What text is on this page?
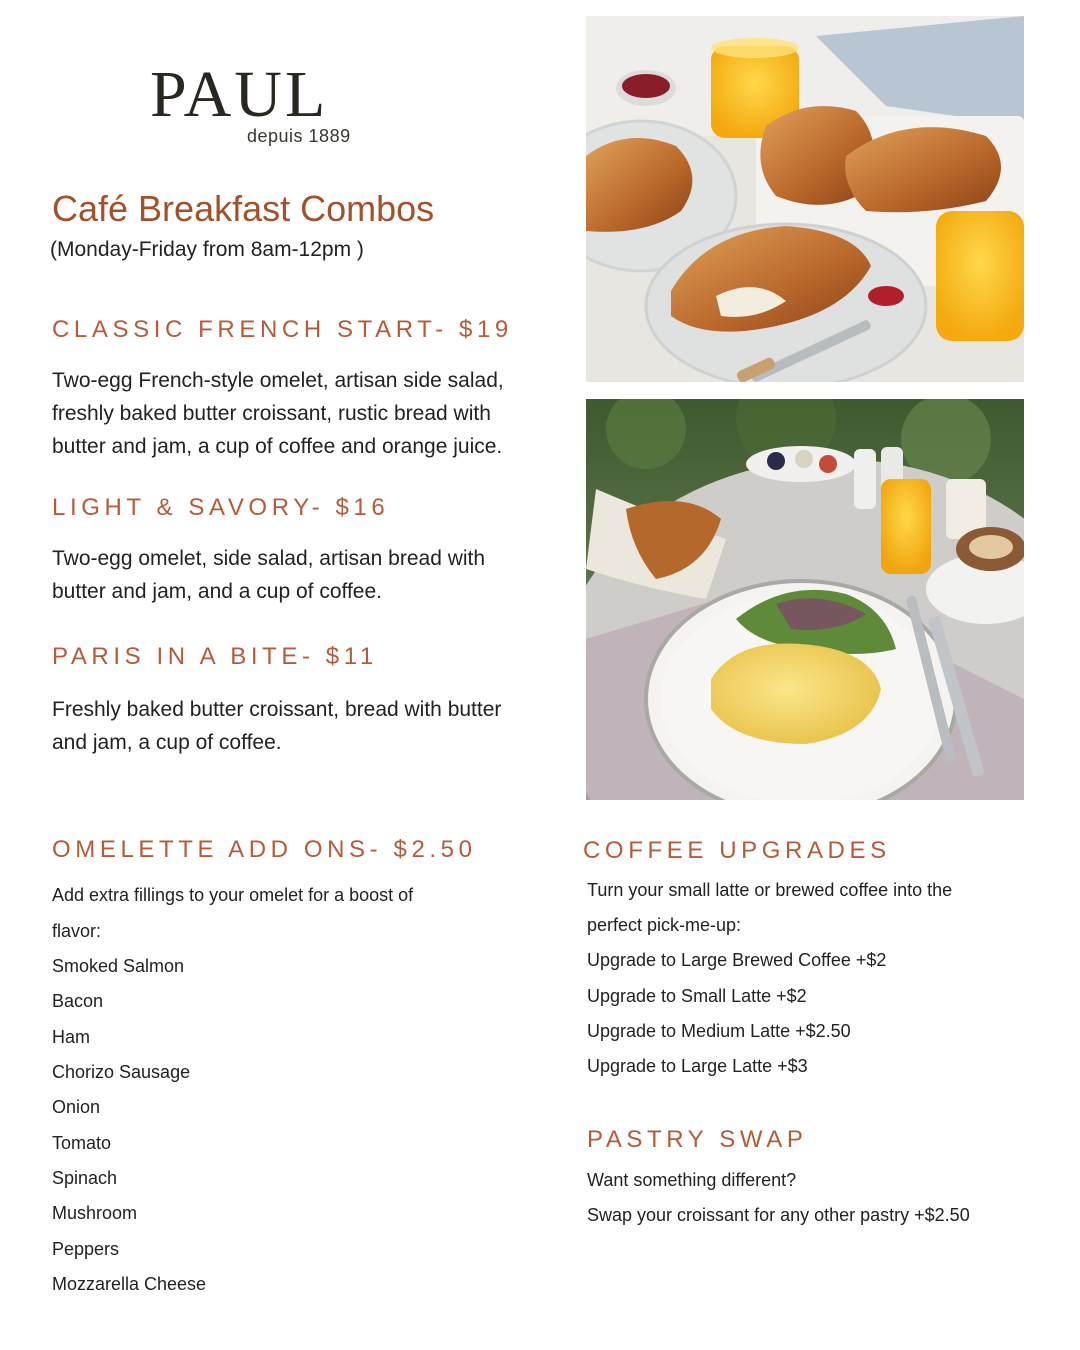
PAUL
depuis 1889
Café Breakfast Combos
(Monday-Friday from 8am-12pm )
CLASSIC FRENCH START- $19
Two-egg French-style omelet, artisan side salad,
freshly baked butter croissant, rustic bread with
butter and jam, a cup of coffee and orange juice.
LIGHT & SAVORY- $16
Two-egg omelet, side salad, artisan bread with
butter and jam, and a cup of coffee.
PARIS IN A BITE- $11
Freshly baked butter croissant, bread with butter
and jam, a cup of coffee.
OMELETTE ADD ONS- $2.50
Add extra fillings to your omelet for a boost of
flavor:
Smoked Salmon
Bacon
Ham
Chorizo Sausage
Onion
Tomato
Spinach
Mushroom
Peppers
Mozzarella Cheese
COFFEE UPGRADES
Turn your small latte or brewed coffee into the
perfect pick-me-up:
Upgrade to Large Brewed Coffee +$2
Upgrade to Small Latte +$2
Upgrade to Medium Latte +$2.50
Upgrade to Large Latte +$3
PASTRY SWAP
Want something different?
Swap your croissant for any other pastry +$2.50
